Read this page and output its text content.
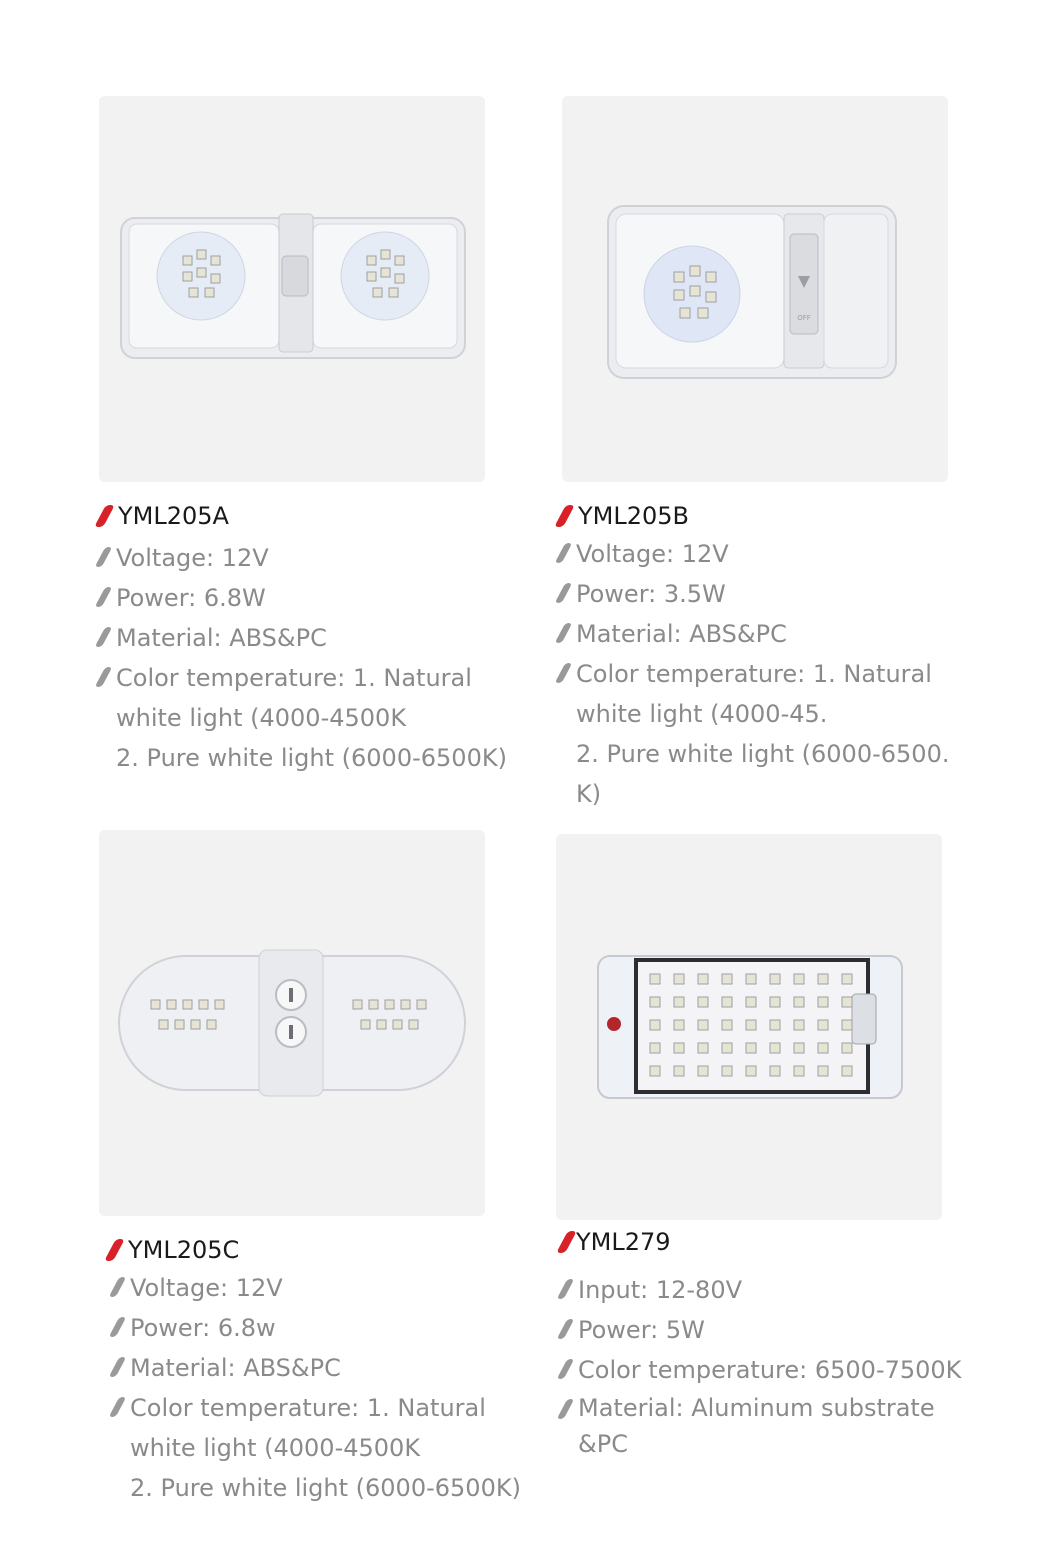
YML205A
Voltage: 12V
Power: 6.8W
Material: ABS&PC
Color temperature: 1. Natural
white light (4000-4500K
2. Pure white light (6000-6500K)
OFF
YML205B
Voltage: 12V
Power: 3.5W
Material: ABS&PC
Color temperature: 1. Natural
white light (4000-45.
2. Pure white light (6000-6500.
K)
YML205C
Voltage: 12V
Power: 6.8w
Material: ABS&PC
Color temperature: 1. Natural
white light (4000-4500K
2. Pure white light (6000-6500K)
YML279
Input: 12-80V
Power: 5W
Color temperature: 6500-7500K
Material: Aluminum substrate
&PC
